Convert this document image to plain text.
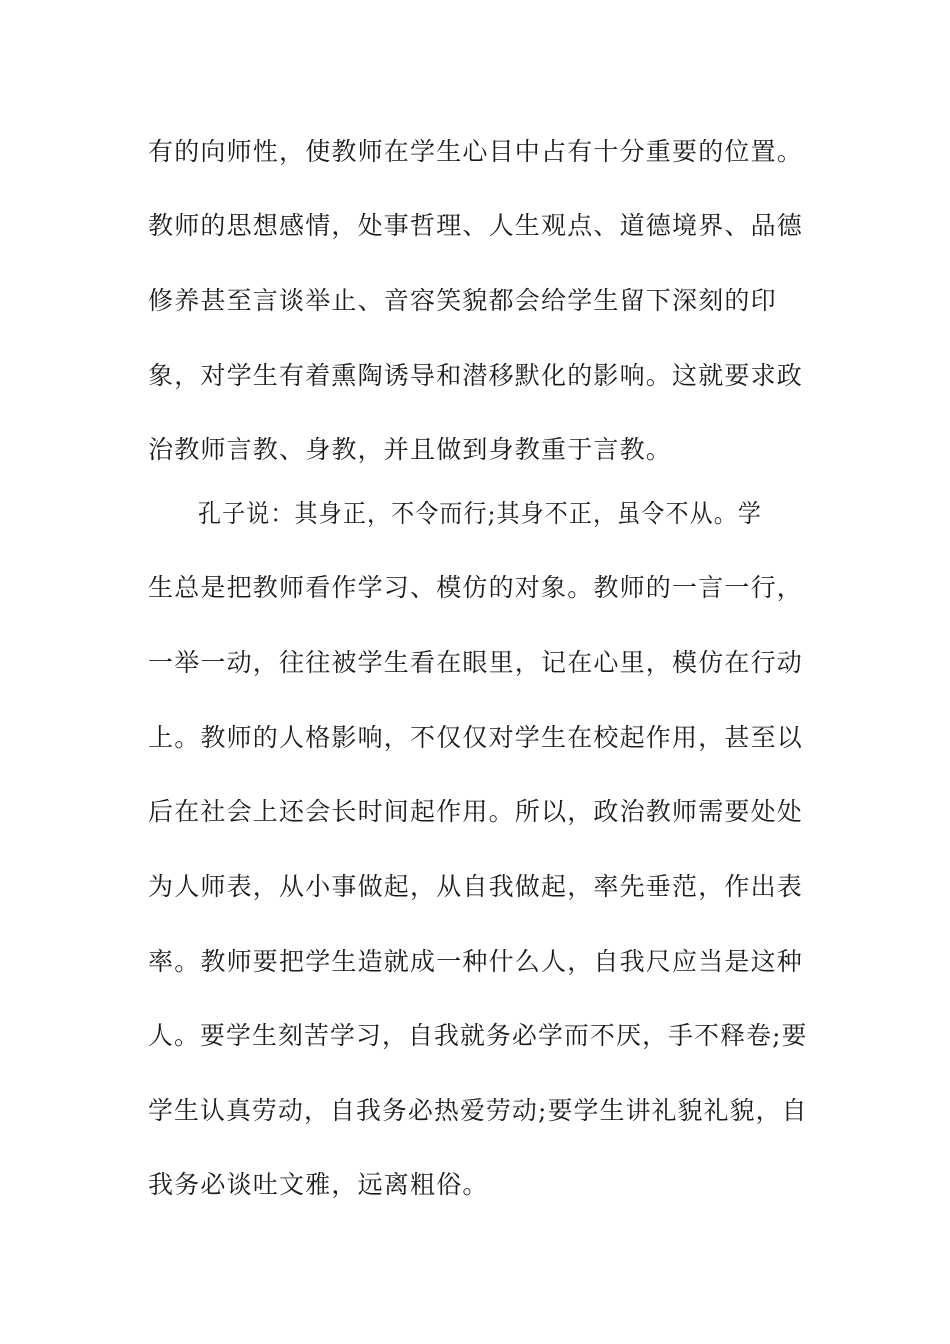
有的向师性，使教师在学生心目中占有十分重要的位置。
教师的思想感情，处事哲理、人生观点、道德境界、品德
修养甚至言谈举止、音容笑貌都会给学生留下深刻的印
象，对学生有着熏陶诱导和潜移默化的影响。这就要求政
治教师言教、身教，并且做到身教重于言教。
孔子说：其身正，不令而行;其身不正，虽令不从。学
生总是把教师看作学习、模仿的对象。教师的一言一行，
一举一动，往往被学生看在眼里，记在心里，模仿在行动
上。教师的人格影响，不仅仅对学生在校起作用，甚至以
后在社会上还会长时间起作用。所以，政治教师需要处处
为人师表，从小事做起，从自我做起，率先垂范，作出表
率。教师要把学生造就成一种什么人，自我尺应当是这种
人。要学生刻苦学习，自我就务必学而不厌，手不释卷;要
学生认真劳动，自我务必热爱劳动;要学生讲礼貌礼貌，自
我务必谈吐文雅，远离粗俗。
